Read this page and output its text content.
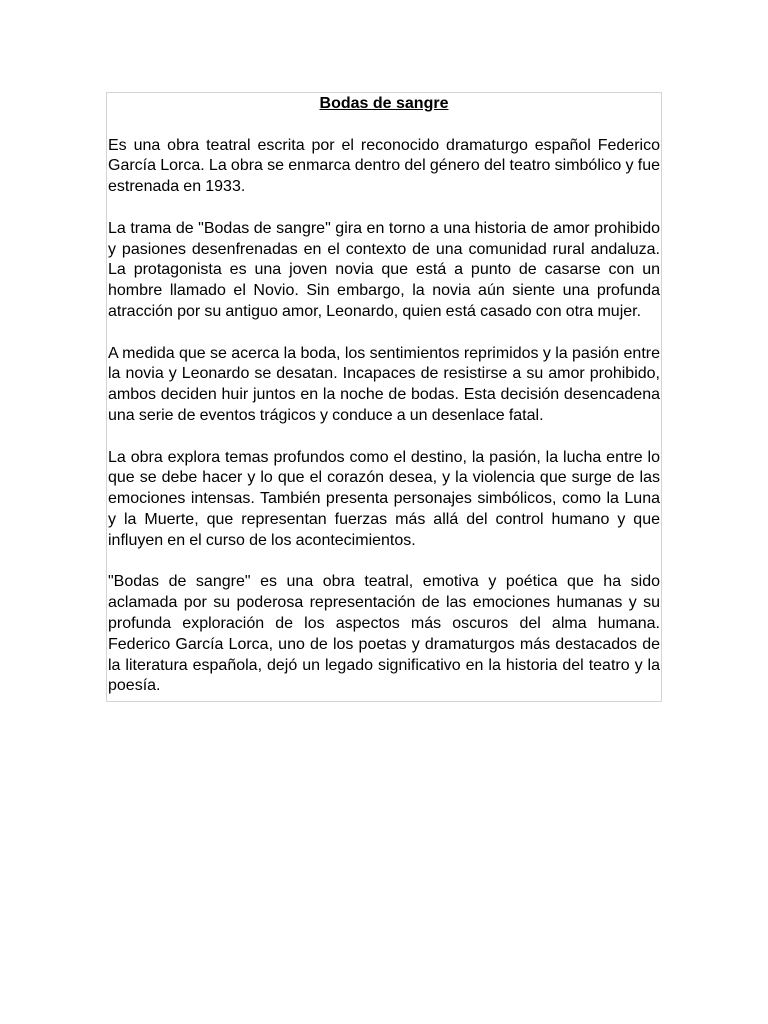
Bodas de sangre

Es una obra teatral escrita por el reconocido dramaturgo español Federico García Lorca. La obra se enmarca dentro del género del teatro simbólico y fue estrenada en 1933.

La trama de "Bodas de sangre" gira en torno a una historia de amor prohibido y pasiones desenfrenadas en el contexto de una comunidad rural andaluza. La protagonista es una joven novia que está a punto de casarse con un hombre llamado el Novio. Sin embargo, la novia aún siente una profunda atracción por su antiguo amor, Leonardo, quien está casado con otra mujer.

A medida que se acerca la boda, los sentimientos reprimidos y la pasión entre la novia y Leonardo se desatan. Incapaces de resistirse a su amor prohibido, ambos deciden huir juntos en la noche de bodas. Esta decisión desencadena una serie de eventos trágicos y conduce a un desenlace fatal.

La obra explora temas profundos como el destino, la pasión, la lucha entre lo que se debe hacer y lo que el corazón desea, y la violencia que surge de las emociones intensas. También presenta personajes simbólicos, como la Luna y la Muerte, que representan fuerzas más allá del control humano y que influyen en el curso de los acontecimientos.

"Bodas de sangre" es una obra teatral, emotiva y poética que ha sido aclamada por su poderosa representación de las emociones humanas y su profunda exploración de los aspectos más oscuros del alma humana. Federico García Lorca, uno de los poetas y dramaturgos más destacados de la literatura española, dejó un legado significativo en la historia del teatro y la poesía.
